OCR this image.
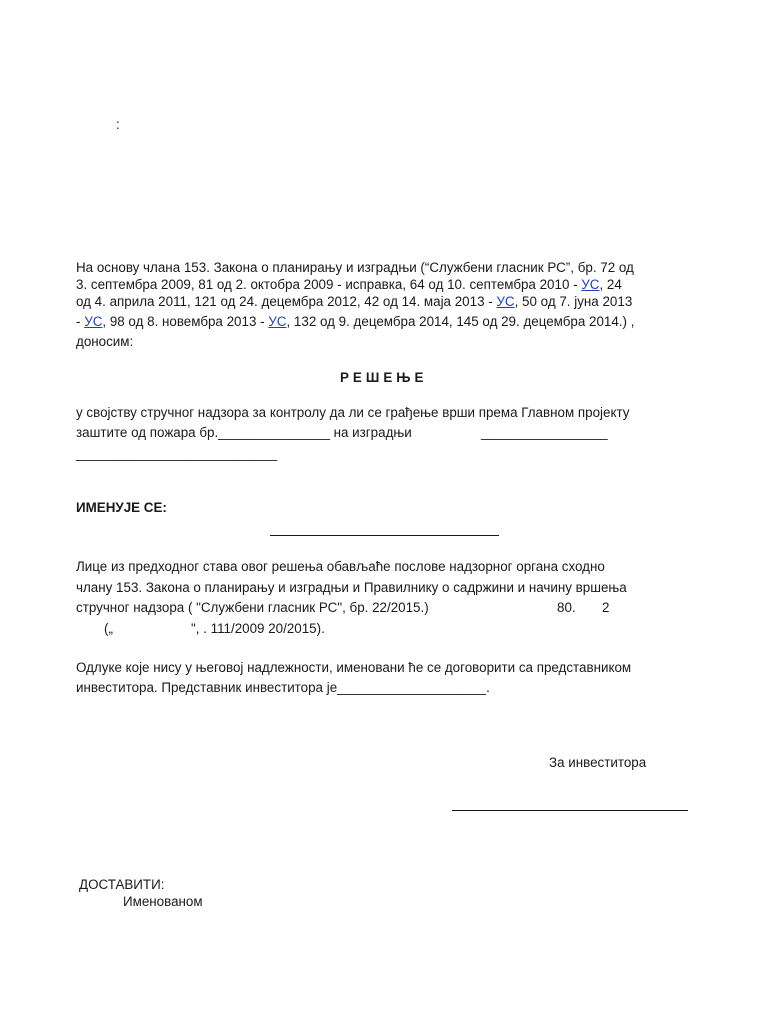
:
На основу члана 153. Закона о планирању и изградњи (“Службени гласник РС”, бр. 72 од
3. септембра 2009, 81 од 2. октобра 2009 - исправка, 64 од 10. септембра 2010 - УС, 24
од 4. априла 2011, 121 од 24. децембра 2012, 42 од 14. маја 2013 - УС, 50 од 7. јуна 2013
- УС, 98 од 8. новембра 2013 - УС, 132 од 9. децембра 2014, 145 од 29. децембра 2014.) ,
доносим:
РЕШЕЊЕ
у својству стручног надзора за контролу да ли се грађење врши према Главном пројекту
заштите од пожара бр._______________ на изградњи	_________________
___________________________
ИМЕНУЈЕ СЕ:
Лице из предходног става овог решења обављаће послове надзорног органа сходно
члану 153. Закона о планирању и изградњи и Правилнику о садржини и начину вршења
стручног надзора ( "Службени гласник РС", бр. 22/2015.)	80. 2
(„	", . 111/2009 20/2015).
Одлуке које нису у његовој надлежности, именовани ће се договорити са представником
инвеститора. Представник инвеститора је____________________.
За инвеститора
ДОСТАВИТИ:
Именованом
